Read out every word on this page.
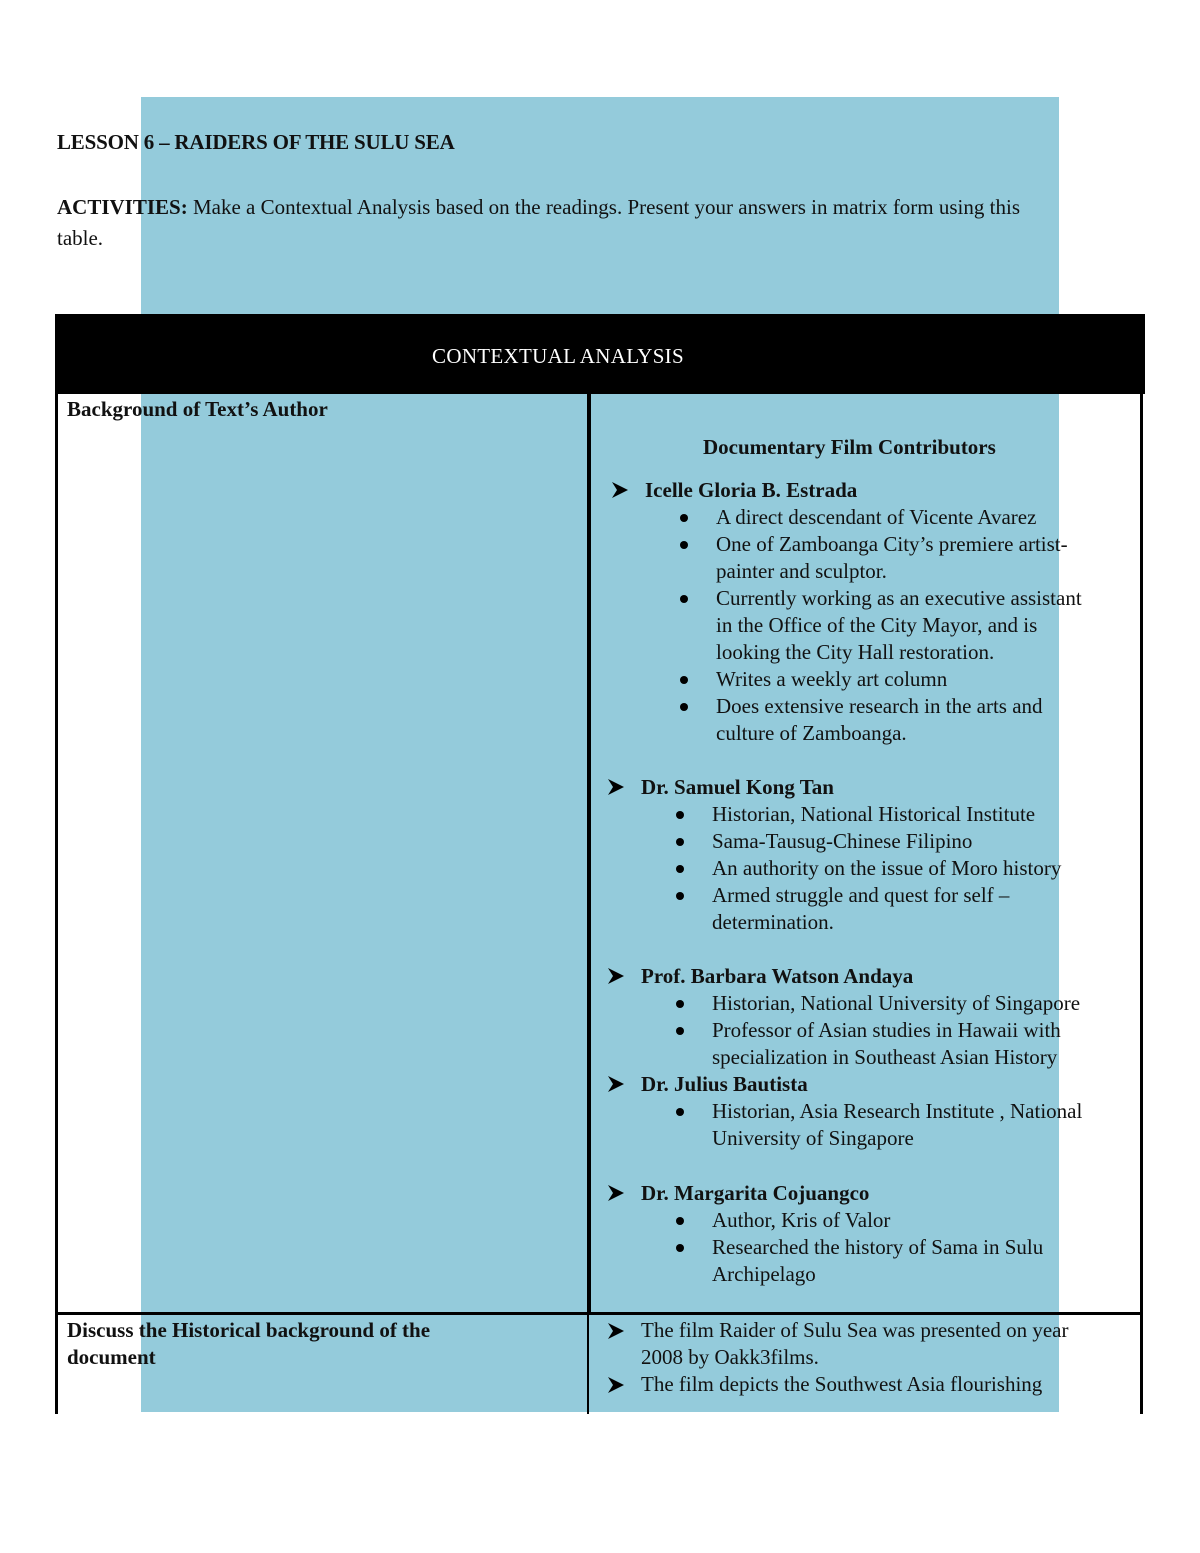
LESSON 6 – RAIDERS OF THE SULU SEA
ACTIVITIES: Make a Contextual Analysis based on the readings. Present your answers in matrix form using this table.
CONTEXTUAL ANALYSIS
Background of Text’s Author
Documentary Film Contributors
Icelle Gloria B. Estrada
A direct descendant of Vicente Avarez
One of Zamboanga City’s premiere artist-
painter and sculptor.
Currently working as an executive assistant
in the Office of the City Mayor, and is
looking the City Hall restoration.
Writes a weekly art column
Does extensive research in the arts and
culture of Zamboanga.
Dr. Samuel Kong Tan
Historian, National Historical Institute
Sama-Tausug-Chinese Filipino
An authority on the issue of Moro history
Armed struggle and quest for self –
determination.
Prof. Barbara Watson Andaya
Historian, National University of Singapore
Professor of Asian studies in Hawaii with
specialization in Southeast Asian History
Dr. Julius Bautista
Historian, Asia Research Institute , National
University of Singapore
Dr. Margarita Cojuangco
Author, Kris of Valor
Researched the history of Sama in Sulu
Archipelago
Discuss the Historical background of the
document
The film Raider of Sulu Sea was presented on year
2008 by Oakk3films.
The film depicts the Southwest Asia flourishing
